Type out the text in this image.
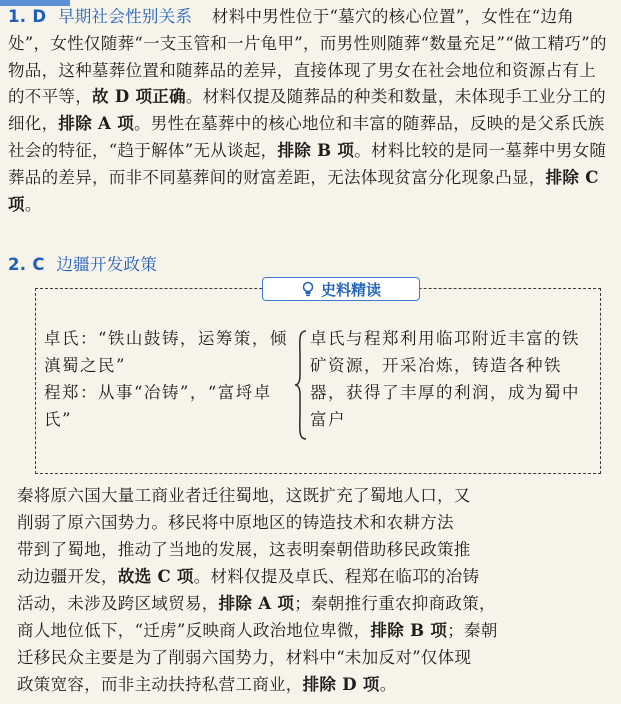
1. D 早期社会性别关系 材料中男性位于“墓穴的核心位置”，女性在“边角处”，女性仅随葬“一支玉管和一片龟甲”，而男性则随葬“数量充足”“做工精巧”的物品，这种墓葬位置和随葬品的差异，直接体现了男女在社会地位和资源占有上的不平等，故 D 项正确。材料仅提及随葬品的种类和数量，未体现手工业分工的细化，排除 A 项。男性在墓葬中的核心地位和丰富的随葬品，反映的是父系氏族社会的特征，“趋于解体”无从谈起，排除 B 项。材料比较的是同一墓葬中男女随葬品的差异，而非不同墓葬间的财富差距，无法体现贫富分化现象凸显，排除 C 项。
2. C 边疆开发政策
史料精读
卓氏：“铁山鼓铸，运筹策，倾滇蜀之民”
程郑：从事“冶铸”，“富埒卓氏”
卓氏与程郑利用临邛附近丰富的铁矿资源，开采冶炼，铸造各种铁器，获得了丰厚的利润，成为蜀中富户
秦将原六国大量工商业者迁往蜀地，这既扩充了蜀地人口，又
削弱了原六国势力。移民将中原地区的铸造技术和农耕方法
带到了蜀地，推动了当地的发展，这表明秦朝借助移民政策推
动边疆开发，故选 C 项。材料仅提及卓氏、程郑在临邛的冶铸
活动，未涉及跨区域贸易，排除 A 项；秦朝推行重农抑商政策，
商人地位低下，“迁虏”反映商人政治地位卑微，排除 B 项；秦朝
迁移民众主要是为了削弱六国势力，材料中“未加反对”仅体现
政策宽容，而非主动扶持私营工商业，排除 D 项。
